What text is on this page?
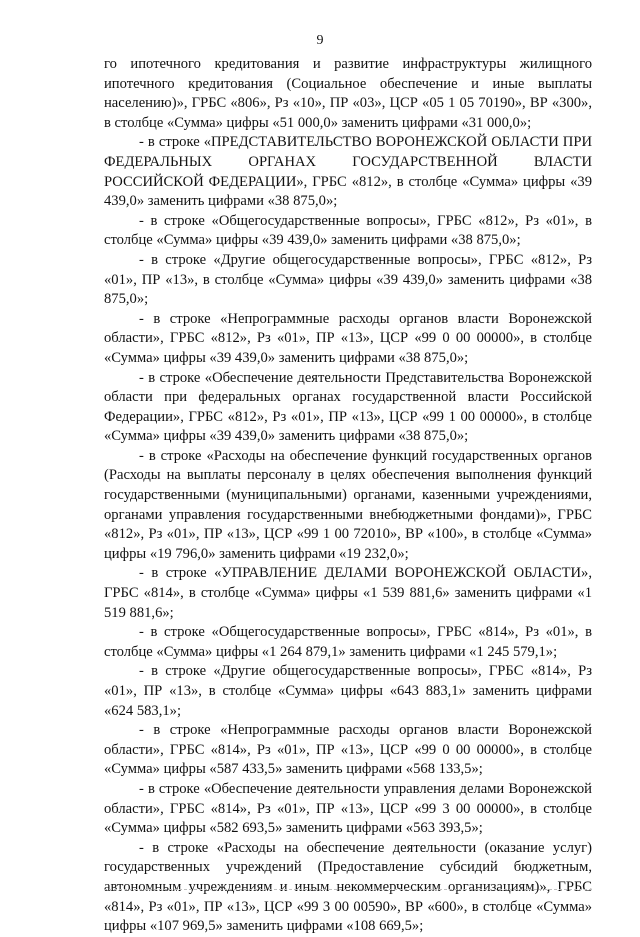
9

го ипотечного кредитования и развитие инфраструктуры жилищного ипотечного кредитования (Социальное обеспечение и иные выплаты населению)», ГРБС «806», Рз «10», ПР «03», ЦСР «05 1 05 70190», ВР «300», в столбце «Сумма» цифры «51 000,0» заменить цифрами «31 000,0»;

- в строке «ПРЕДСТАВИТЕЛЬСТВО ВОРОНЕЖСКОЙ ОБЛАСТИ ПРИ ФЕДЕРАЛЬНЫХ ОРГАНАХ ГОСУДАРСТВЕННОЙ ВЛАСТИ РОССИЙСКОЙ ФЕДЕРАЦИИ», ГРБС «812», в столбце «Сумма» цифры «39 439,0» заменить цифрами «38 875,0»;

- в строке «Общегосударственные вопросы», ГРБС «812», Рз «01», в столбце «Сумма» цифры «39 439,0» заменить цифрами «38 875,0»;

- в строке «Другие общегосударственные вопросы», ГРБС «812», Рз «01», ПР «13», в столбце «Сумма» цифры «39 439,0» заменить цифрами «38 875,0»;

- в строке «Непрограммные расходы органов власти Воронежской области», ГРБС «812», Рз «01», ПР «13», ЦСР «99 0 00 00000», в столбце «Сумма» цифры «39 439,0» заменить цифрами «38 875,0»;

- в строке «Обеспечение деятельности Представительства Воронежской области при федеральных органах государственной власти Российской Федерации», ГРБС «812», Рз «01», ПР «13», ЦСР «99 1 00 00000», в столбце «Сумма» цифры «39 439,0» заменить цифрами «38 875,0»;

- в строке «Расходы на обеспечение функций государственных органов (Расходы на выплаты персоналу в целях обеспечения выполнения функций государственными (муниципальными) органами, казенными учреждениями, органами управления государственными внебюджетными фондами)», ГРБС «812», Рз «01», ПР «13», ЦСР «99 1 00 72010», ВР «100», в столбце «Сумма» цифры «19 796,0» заменить цифрами «19 232,0»;

- в строке «УПРАВЛЕНИЕ ДЕЛАМИ ВОРОНЕЖСКОЙ ОБЛАСТИ», ГРБС «814», в столбце «Сумма» цифры «1 539 881,6» заменить цифрами «1 519 881,6»;

- в строке «Общегосударственные вопросы», ГРБС «814», Рз «01», в столбце «Сумма» цифры «1 264 879,1» заменить цифрами «1 245 579,1»;

- в строке «Другие общегосударственные вопросы», ГРБС «814», Рз «01», ПР «13», в столбце «Сумма» цифры «643 883,1» заменить цифрами «624 583,1»;

- в строке «Непрограммные расходы органов власти Воронежской области», ГРБС «814», Рз «01», ПР «13», ЦСР «99 0 00 00000», в столбце «Сумма» цифры «587 433,5» заменить цифрами «568 133,5»;

- в строке «Обеспечение деятельности управления делами Воронежской области», ГРБС «814», Рз «01», ПР «13», ЦСР «99 3 00 00000», в столбце «Сумма» цифры «582 693,5» заменить цифрами «563 393,5»;

- в строке «Расходы на обеспечение деятельности (оказание услуг) государственных учреждений (Предоставление субсидий бюджетным, автономным учреждениям и иным некоммерческим организациям)», ГРБС «814», Рз «01», ПР «13», ЦСР «99 3 00 00590», ВР «600», в столбце «Сумма» цифры «107 969,5» заменить цифрами «108 669,5»;
